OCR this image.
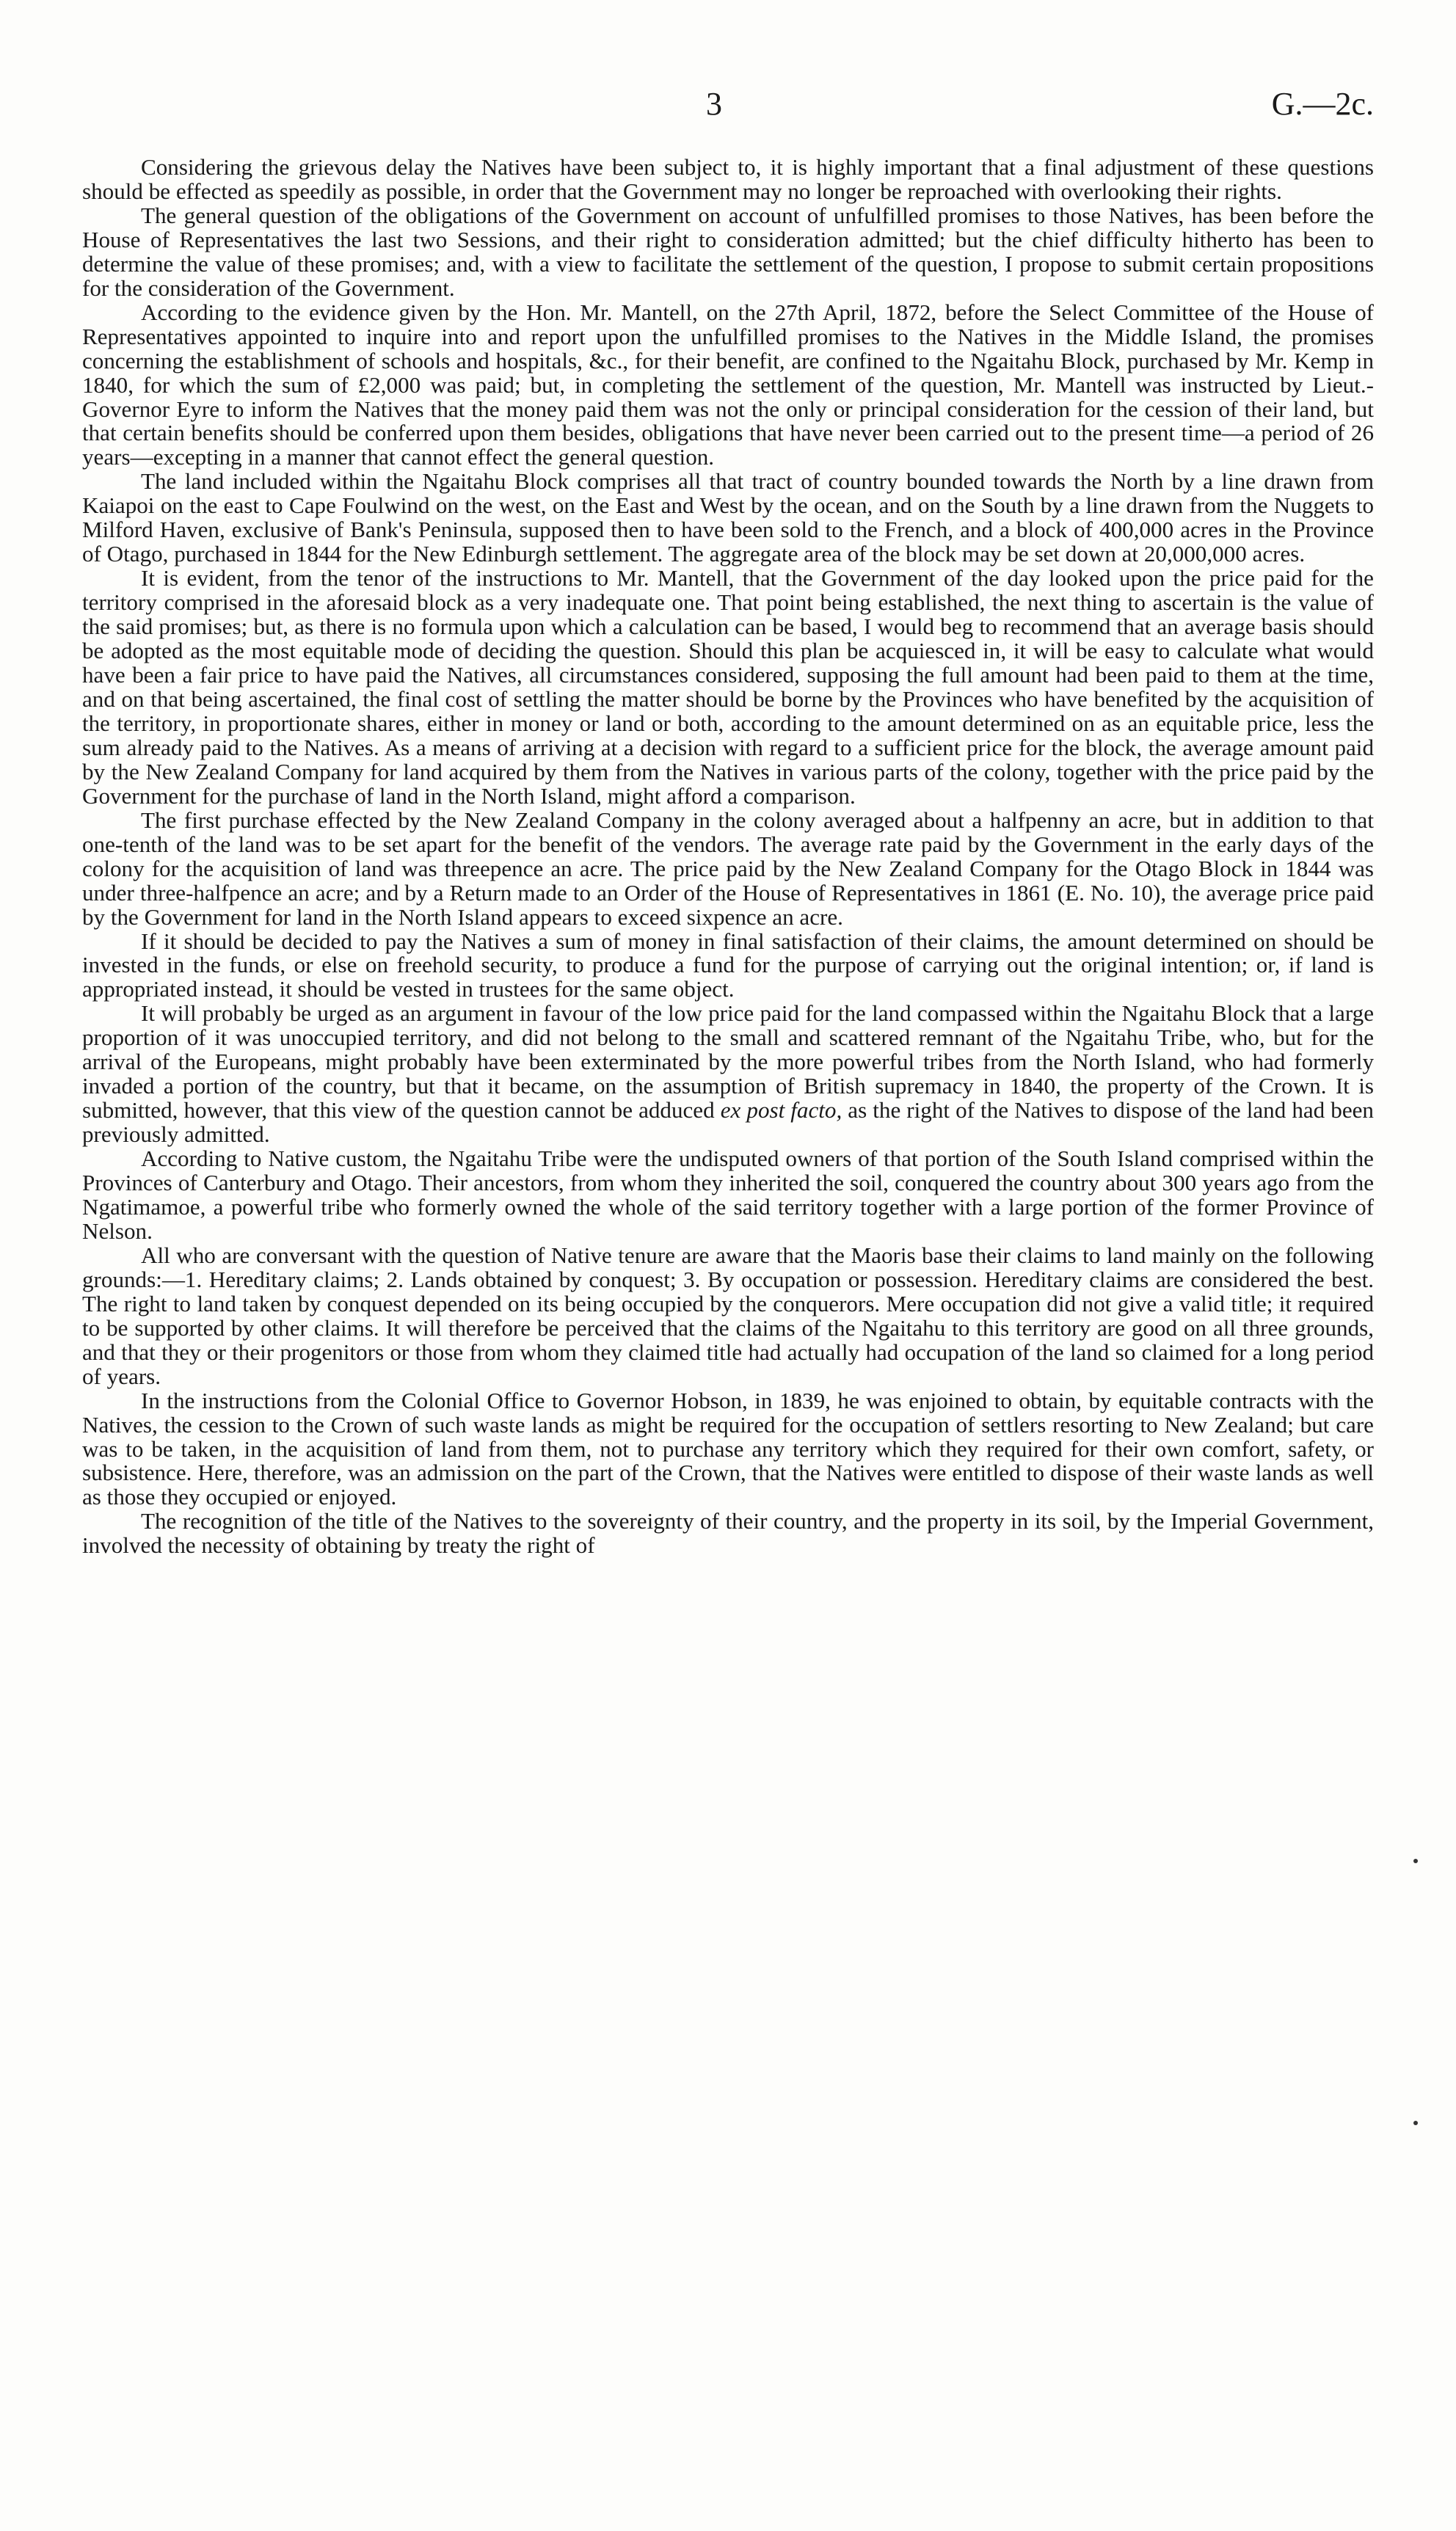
3	G.—2c.

Considering the grievous delay the Natives have been subject to, it is highly important that a final adjustment of these questions should be effected as speedily as possible, in order that the Government may no longer be reproached with overlooking their rights.

The general question of the obligations of the Government on account of unfulfilled promises to those Natives, has been before the House of Representatives the last two Sessions, and their right to consideration admitted; but the chief difficulty hitherto has been to determine the value of these promises; and, with a view to facilitate the settlement of the question, I propose to submit certain propositions for the consideration of the Government.

According to the evidence given by the Hon. Mr. Mantell, on the 27th April, 1872, before the Select Committee of the House of Representatives appointed to inquire into and report upon the unfulfilled promises to the Natives in the Middle Island, the promises concerning the establishment of schools and hospitals, &c., for their benefit, are confined to the Ngaitahu Block, purchased by Mr. Kemp in 1840, for which the sum of £2,000 was paid; but, in completing the settlement of the question, Mr. Mantell was instructed by Lieut.-Governor Eyre to inform the Natives that the money paid them was not the only or principal consideration for the cession of their land, but that certain benefits should be conferred upon them besides, obligations that have never been carried out to the present time—a period of 26 years—excepting in a manner that cannot effect the general question.

The land included within the Ngaitahu Block comprises all that tract of country bounded towards the North by a line drawn from Kaiapoi on the east to Cape Foulwind on the west, on the East and West by the ocean, and on the South by a line drawn from the Nuggets to Milford Haven, exclusive of Bank's Peninsula, supposed then to have been sold to the French, and a block of 400,000 acres in the Province of Otago, purchased in 1844 for the New Edinburgh settlement. The aggregate area of the block may be set down at 20,000,000 acres.

It is evident, from the tenor of the instructions to Mr. Mantell, that the Government of the day looked upon the price paid for the territory comprised in the aforesaid block as a very inadequate one. That point being established, the next thing to ascertain is the value of the said promises; but, as there is no formula upon which a calculation can be based, I would beg to recommend that an average basis should be adopted as the most equitable mode of deciding the question. Should this plan be acquiesced in, it will be easy to calculate what would have been a fair price to have paid the Natives, all circumstances considered, supposing the full amount had been paid to them at the time, and on that being ascertained, the final cost of settling the matter should be borne by the Provinces who have benefited by the acquisition of the territory, in proportionate shares, either in money or land or both, according to the amount determined on as an equitable price, less the sum already paid to the Natives. As a means of arriving at a decision with regard to a sufficient price for the block, the average amount paid by the New Zealand Company for land acquired by them from the Natives in various parts of the colony, together with the price paid by the Government for the purchase of land in the North Island, might afford a comparison.

The first purchase effected by the New Zealand Company in the colony averaged about a halfpenny an acre, but in addition to that one-tenth of the land was to be set apart for the benefit of the vendors. The average rate paid by the Government in the early days of the colony for the acquisition of land was threepence an acre. The price paid by the New Zealand Company for the Otago Block in 1844 was under three-halfpence an acre; and by a Return made to an Order of the House of Representatives in 1861 (E. No. 10), the average price paid by the Government for land in the North Island appears to exceed sixpence an acre.

If it should be decided to pay the Natives a sum of money in final satisfaction of their claims, the amount determined on should be invested in the funds, or else on freehold security, to produce a fund for the purpose of carrying out the original intention; or, if land is appropriated instead, it should be vested in trustees for the same object.

It will probably be urged as an argument in favour of the low price paid for the land compassed within the Ngaitahu Block that a large proportion of it was unoccupied territory, and did not belong to the small and scattered remnant of the Ngaitahu Tribe, who, but for the arrival of the Europeans, might probably have been exterminated by the more powerful tribes from the North Island, who had formerly invaded a portion of the country, but that it became, on the assumption of British supremacy in 1840, the property of the Crown. It is submitted, however, that this view of the question cannot be adduced ex post facto, as the right of the Natives to dispose of the land had been previously admitted.

According to Native custom, the Ngaitahu Tribe were the undisputed owners of that portion of the South Island comprised within the Provinces of Canterbury and Otago. Their ancestors, from whom they inherited the soil, conquered the country about 300 years ago from the Ngatimamoe, a powerful tribe who formerly owned the whole of the said territory together with a large portion of the former Province of Nelson.

All who are conversant with the question of Native tenure are aware that the Maoris base their claims to land mainly on the following grounds:—1. Hereditary claims; 2. Lands obtained by conquest; 3. By occupation or possession. Hereditary claims are considered the best. The right to land taken by conquest depended on its being occupied by the conquerors. Mere occupation did not give a valid title; it required to be supported by other claims. It will therefore be perceived that the claims of the Ngaitahu to this territory are good on all three grounds, and that they or their progenitors or those from whom they claimed title had actually had occupation of the land so claimed for a long period of years.

In the instructions from the Colonial Office to Governor Hobson, in 1839, he was enjoined to obtain, by equitable contracts with the Natives, the cession to the Crown of such waste lands as might be required for the occupation of settlers resorting to New Zealand; but care was to be taken, in the acquisition of land from them, not to purchase any territory which they required for their own comfort, safety, or subsistence. Here, therefore, was an admission on the part of the Crown, that the Natives were entitled to dispose of their waste lands as well as those they occupied or enjoyed.

The recognition of the title of the Natives to the sovereignty of their country, and the property in its soil, by the Imperial Government, involved the necessity of obtaining by treaty the right of
